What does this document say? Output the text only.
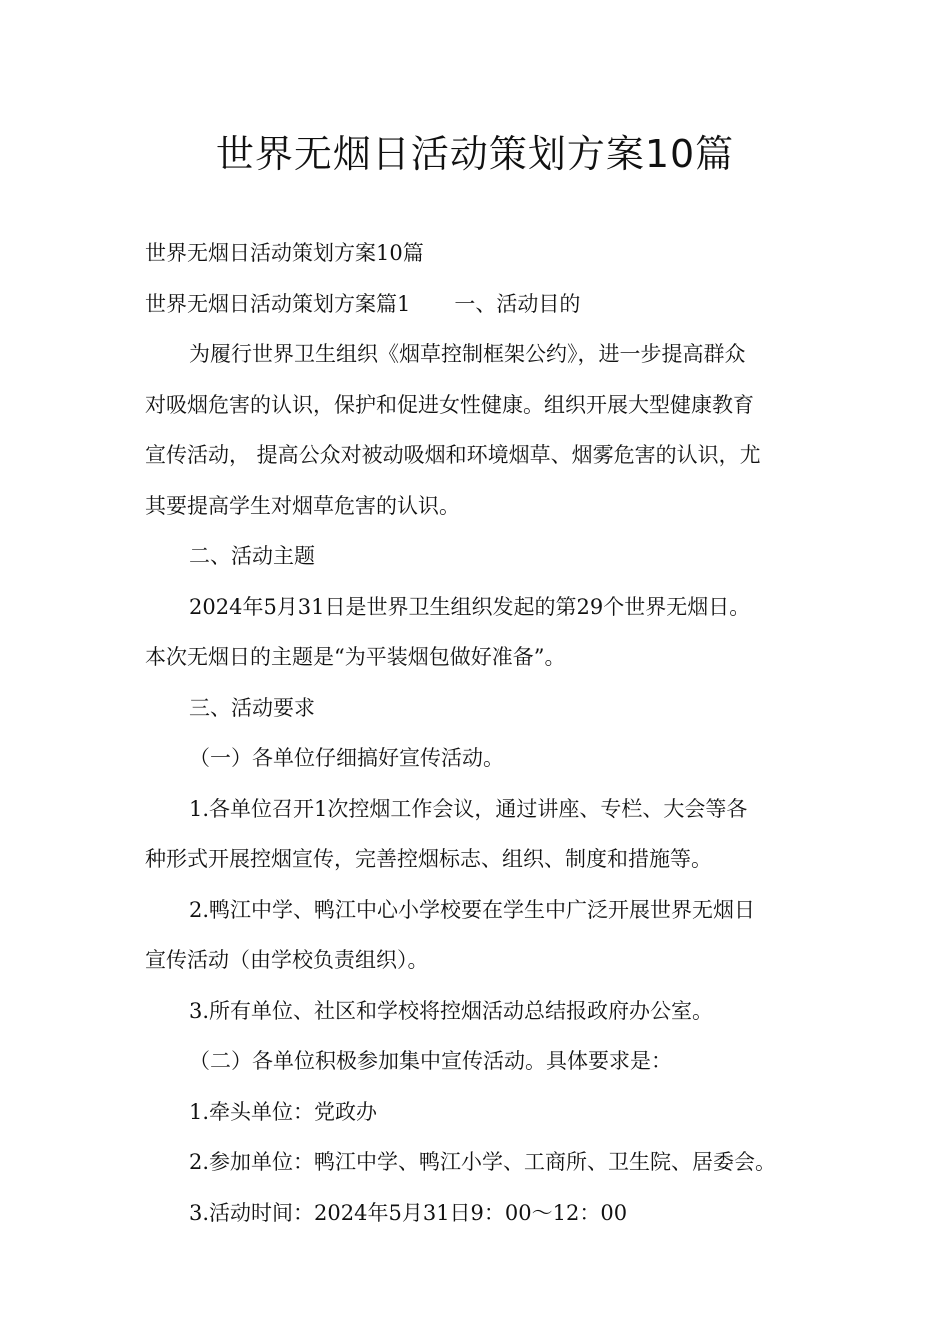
世界无烟日活动策划方案10篇

世界无烟日活动策划方案10篇

世界无烟日活动策划方案篇1 一、活动目的

为履行世界卫生组织《烟草控制框架公约》，进一步提高群众

对吸烟危害的认识，保护和促进女性健康。组织开展大型健康教育

宣传活动， 提高公众对被动吸烟和环境烟草、烟雾危害的认识，尤

其要提高学生对烟草危害的认识。

二、活动主题

2024年5月31日是世界卫生组织发起的第29个世界无烟日。

本次无烟日的主题是“为平装烟包做好准备”。

三、活动要求

（一）各单位仔细搞好宣传活动。

1.各单位召开1次控烟工作会议，通过讲座、专栏、大会等各

种形式开展控烟宣传，完善控烟标志、组织、制度和措施等。

2.鸭江中学、鸭江中心小学校要在学生中广泛开展世界无烟日

宣传活动（由学校负责组织）。

3.所有单位、社区和学校将控烟活动总结报政府办公室。

（二）各单位积极参加集中宣传活动。具体要求是：

1.牵头单位：党政办

2.参加单位：鸭江中学、鸭江小学、工商所、卫生院、居委会。

3.活动时间：2024年5月31日9：00～12：00
